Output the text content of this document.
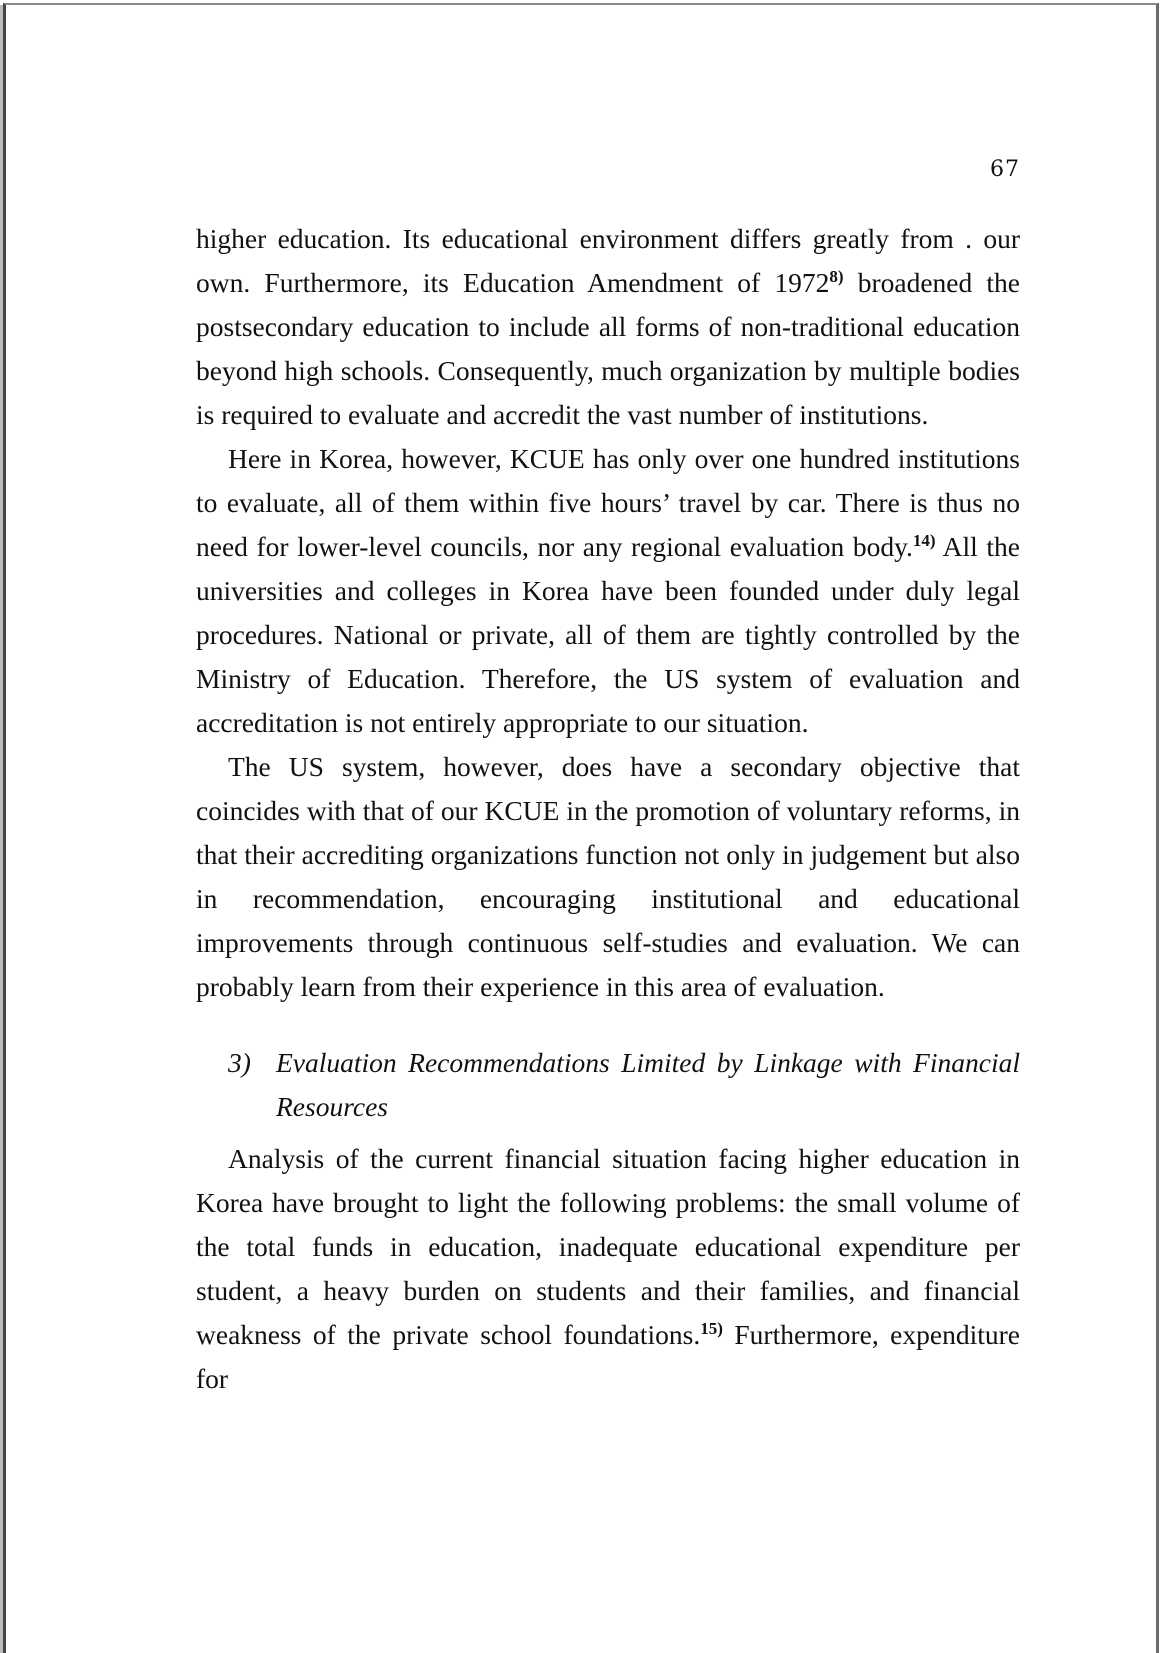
67

higher education. Its educational environment differs greatly from . our own. Furthermore, its Education Amendment of 1972$^{8)}$ broadened the postsecondary education to include all forms of non-traditional education beyond high schools. Consequently, much organization by multiple bodies is required to evaluate and accredit the vast number of institutions.

Here in Korea, however, KCUE has only over one hundred institutions to evaluate, all of them within five hours’ travel by car. There is thus no need for lower-level councils, nor any regional evaluation body.$^{14)}$ All the universities and colleges in Korea have been founded under duly legal procedures. National or private, all of them are tightly controlled by the Ministry of Education. Therefore, the US system of evaluation and accreditation is not entirely appropriate to our situation.

The US system, however, does have a secondary objective that coincides with that of our KCUE in the promotion of voluntary reforms, in that their accrediting organizations function not only in judgement but also in recommendation, encouraging institutional and educational improvements through continuous self-studies and evaluation. We can probably learn from their experience in this area of evaluation.

3) Evaluation Recommendations Limited by Linkage with Financial Resources

Analysis of the current financial situation facing higher education in Korea have brought to light the following problems: the small volume of the total funds in education, inadequate educational expenditure per student, a heavy burden on students and their families, and financial weakness of the private school foundations.$^{15)}$ Furthermore, expenditure for
